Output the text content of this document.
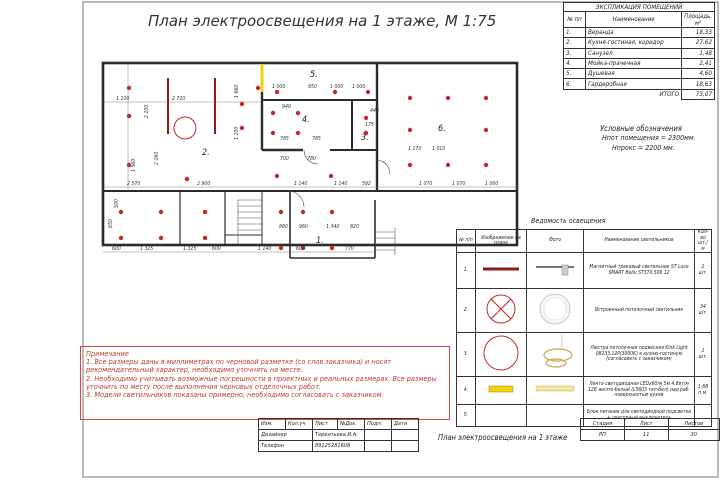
План электроосвещения на 1 этаже, М 1:75
1 100	2 720
1 000	950	1 000 1 000
2 570	2 900	1 140	1 140	592	1 070	1 070	1 000
600	1 325	1 325	600	1 140	600	770
1 560
2 260
2 100
1 660
1 200
940
785	785
960	1 340
175
1 010
1 170
880	820
650
500
700	780
440
1.
2.
3.
4.
5.
6.
ЭКСПЛИКАЦИЯ ПОМЕЩЕНИЙ		
№ пп	Наименование	Площадь, м²
1.	Веранда	18,33
2.	Кухня-гостиная, коридор	27,62
3.	Санузел	1,48
4.	Мойка-прачечная	2,41
5.	Душевая	4,60
6.	Гардеробная	18,63
	ИТОГО	73,07
Условные обозначения
Нпот помещения = 2300мм.
Нпрокс = 2200 мм.
Ведомость освещения
№ п/п	Изображение на плане	Фото	Наименование светильников	Кол-во шт./м
1.			Магнитный трековый светильник ST Luce SMART Bellu ST370.506.12	2 шт.
2.			Встроенный потолочный светильник	34 шт.
3.			Люстра потолочная подвесная Kink Light 08233,12P(3000K) в кухню-гостиную (согласовать с заказчиком)	1 шт.
4.			Лента светодиодная LEDx60/м 5м 4,8вт/м 12В желто-белый (L5603 теп-бел) над раб. поверхностью кухни	1,68 п.м.
5.			Блок питания для светодиодной подсветки + сенсорный выключатель	
Примечание
1. Все размеры даны в миллиметрах по черновой разметке (со слов заказчика) и носят рекомендательный характер, необходимо уточнять на месте.
2. Необходимо учитывать возможные погрешности в проектных и реальных размерах. Все размеры уточнить по месту после выполнения черновых отделочных работ.
3. Модели светильников показаны примерно, необходимо согласовать с заказчиком.
Изм.	Кол.уч	Лист	№Док.	Подп.	Дата
Дизайнер		Терентьева И.А.			
Телефон		89125281608			
План электроосвещения на 1 этаже
Стадия	Лист	Листов
РП	11	30
